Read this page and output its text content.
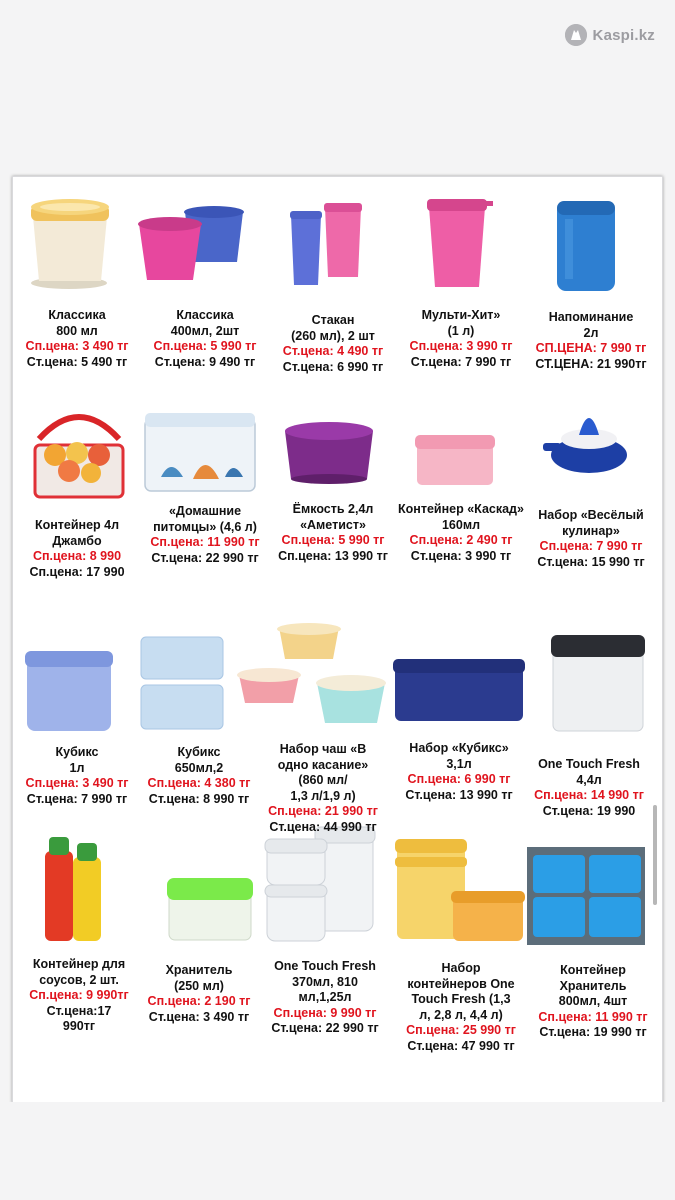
Kaspi.kz
Классика
800 мл
Сп.цена: 3 490 тг
Ст.цена: 5 490 тг
Классика
400мл, 2шт
Сп.цена: 5 990 тг
Ст.цена: 9 490 тг
Стакан
(260 мл), 2 шт
Ст.цена: 4 490 тг
Ст.цена: 6 990 тг
Мульти-Хит»
(1 л)
Сп.цена: 3 990 тг
Ст.цена: 7 990 тг
Напоминание
2л
СП.ЦЕНА: 7 990 тг
СТ.ЦЕНА: 21 990тг
Контейнер 4л
Джамбо
Сп.цена: 8 990
Сп.цена: 17 990
«Домашние
питомцы» (4,6 л)
Сп.цена: 11 990 тг
Ст.цена: 22 990 тг
Ёмкость 2,4л
«Аметист»
Сп.цена: 5 990 тг
Сп.цена: 13 990 тг
Контейнер «Каскад»
160мл
Сп.цена: 2 490 тг
Ст.цена: 3 990 тг
Набор «Весёлый
кулинар»
Сп.цена: 7 990 тг
Ст.цена: 15 990 тг
Кубикс
1л
Сп.цена: 3 490 тг
Ст.цена: 7 990 тг
Кубикс
650мл,2
Сп.цена: 4 380 тг
Ст.цена: 8 990 тг
Набор чаш «В
одно касание»
(860 мл/
1,3 л/1,9 л)
Сп.цена: 21 990 тг
Ст.цена: 44 990 тг
Набор «Кубикс»
3,1л
Сп.цена: 6 990 тг
Ст.цена: 13 990 тг
One Touch Fresh
4,4л
Сп.цена: 14 990 тг
Ст.цена: 19 990
Контейнер для
соусов, 2 шт.
Сп.цена: 9 990тг
Ст.цена:17
990тг
Хранитель
(250 мл)
Сп.цена: 2 190 тг
Ст.цена: 3 490 тг
One Touch Fresh
370мл, 810
мл,1,25л
Сп.цена: 9 990 тг
Ст.цена: 22 990 тг
Набор
контейнеров One
Touch Fresh (1,3
л, 2,8 л, 4,4 л)
Сп.цена: 25 990 тг
Ст.цена: 47 990 тг
Контейнер
Хранитель
800мл, 4шт
Сп.цена: 11 990 тг
Ст.цена: 19 990 тг
